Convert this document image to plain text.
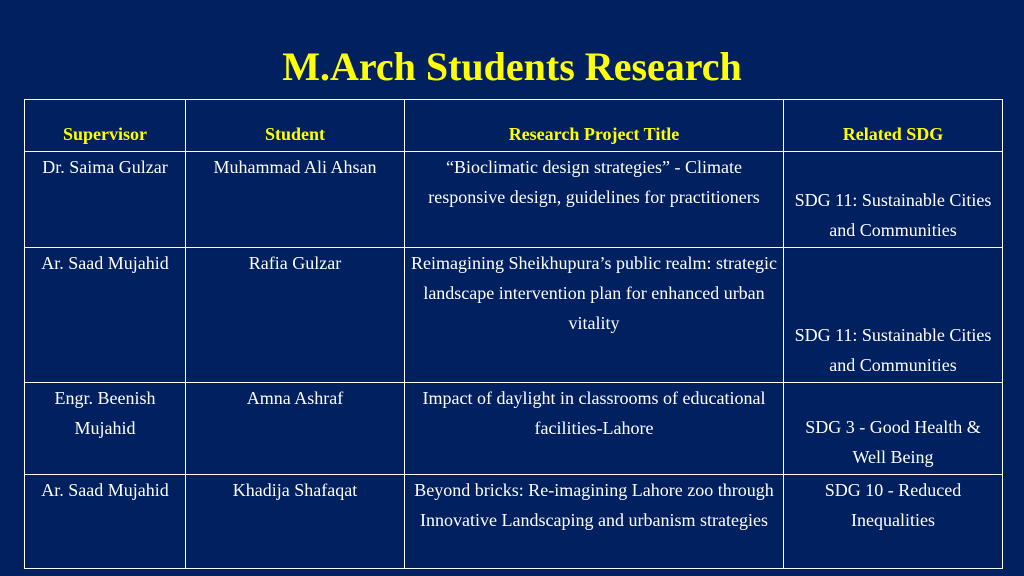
M.Arch Students Research
Supervisor	Student	Research Project Title	Related SDG
Dr. Saima Gulzar	Muhammad Ali Ahsan	“Bioclimatic design strategies” - Climate responsive design, guidelines for practitioners	SDG 11: Sustainable Cities and Communities
Ar. Saad Mujahid	Rafia Gulzar	Reimagining Sheikhupura’s public realm: strategic landscape intervention plan for enhanced urban vitality	SDG 11: Sustainable Cities and Communities
Engr. Beenish Mujahid	Amna Ashraf	Impact of daylight in classrooms of educational facilities-Lahore	SDG 3 - Good Health & Well Being
Ar. Saad Mujahid	Khadija Shafaqat	Beyond bricks: Re-imagining Lahore zoo through Innovative Landscaping and urbanism strategies	SDG 10 - Reduced Inequalities
